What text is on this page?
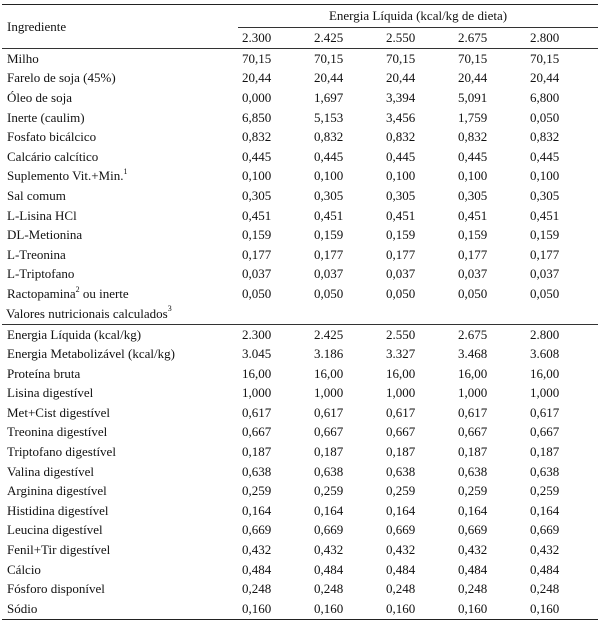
Ingrediente	Energia Líquida (kcal/kg de dieta)				
	2.300	2.425	2.550	2.675	2.800
Milho	70,15	70,15	70,15	70,15	70,15
Farelo de soja (45%)	20,44	20,44	20,44	20,44	20,44
Óleo de soja	0,000	1,697	3,394	5,091	6,800
Inerte (caulim)	6,850	5,153	3,456	1,759	0,050
Fosfato bicálcico	0,832	0,832	0,832	0,832	0,832
Calcário calcítico	0,445	0,445	0,445	0,445	0,445
Suplemento Vit.+Min.$^1$	0,100	0,100	0,100	0,100	0,100
Sal comum	0,305	0,305	0,305	0,305	0,305
L-Lisina HCl	0,451	0,451	0,451	0,451	0,451
DL-Metionina	0,159	0,159	0,159	0,159	0,159
L-Treonina	0,177	0,177	0,177	0,177	0,177
L-Triptofano	0,037	0,037	0,037	0,037	0,037
Ractopamina$^2$ ou inerte	0,050	0,050	0,050	0,050	0,050
Valores nutricionais calculados$^3$
Energia Líquida (kcal/kg)	2.300	2.425	2.550	2.675	2.800
Energia Metabolizável (kcal/kg)	3.045	3.186	3.327	3.468	3.608
Proteína bruta	16,00	16,00	16,00	16,00	16,00
Lisina digestível	1,000	1,000	1,000	1,000	1,000
Met+Cist digestível	0,617	0,617	0,617	0,617	0,617
Treonina digestível	0,667	0,667	0,667	0,667	0,667
Triptofano digestível	0,187	0,187	0,187	0,187	0,187
Valina digestível	0,638	0,638	0,638	0,638	0,638
Arginina digestível	0,259	0,259	0,259	0,259	0,259
Histidina digestível	0,164	0,164	0,164	0,164	0,164
Leucina digestível	0,669	0,669	0,669	0,669	0,669
Fenil+Tir digestível	0,432	0,432	0,432	0,432	0,432
Cálcio	0,484	0,484	0,484	0,484	0,484
Fósforo disponível	0,248	0,248	0,248	0,248	0,248
Sódio	0,160	0,160	0,160	0,160	0,160
